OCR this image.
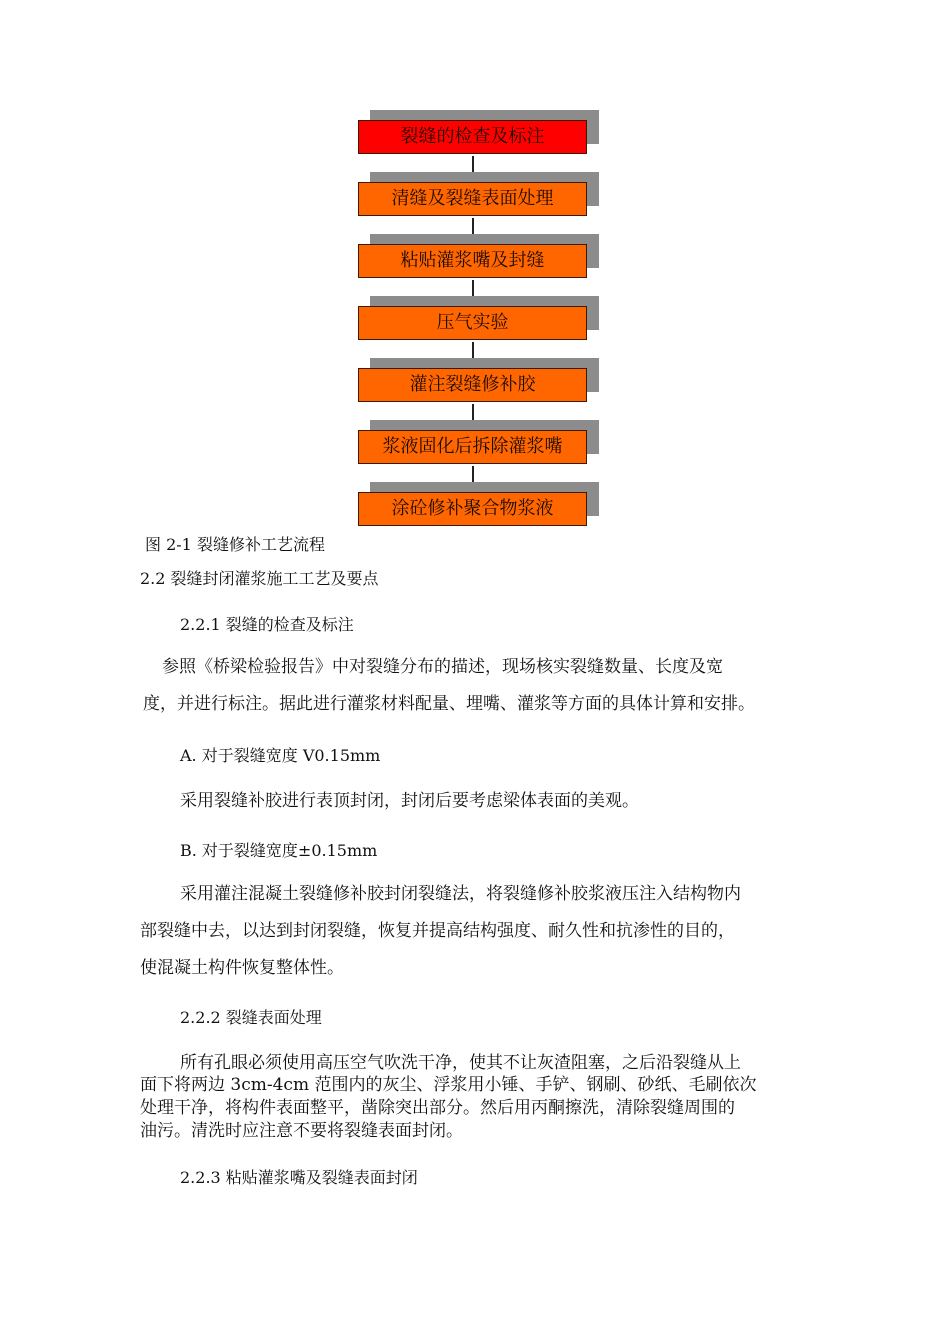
裂缝的检查及标注
清缝及裂缝表面处理
粘贴灌浆嘴及封缝
压气实验
灌注裂缝修补胶
浆液固化后拆除灌浆嘴
涂砼修补聚合物浆液
图 2-1 裂缝修补工艺流程
2.2 裂缝封闭灌浆施工工艺及要点
2.2.1 裂缝的检查及标注
参照《桥梁检验报告》中对裂缝分布的描述，现场核实裂缝数量、长度及宽
度，并进行标注。据此进行灌浆材料配量、埋嘴、灌浆等方面的具体计算和安排。
A. 对于裂缝宽度 V0.15mm
采用裂缝补胶进行表顶封闭，封闭后要考虑梁体表面的美观。
B. 对于裂缝宽度±0.15mm
采用灌注混凝土裂缝修补胶封闭裂缝法，将裂缝修补胶浆液压注入结构物内
部裂缝中去，以达到封闭裂缝，恢复并提高结构强度、耐久性和抗渗性的目的，
使混凝土构件恢复整体性。
2.2.2 裂缝表面处理
所有孔眼必须使用高压空气吹洗干净，使其不让灰渣阻塞，之后沿裂缝从上
面下将两边 3cm-4cm 范围内的灰尘、浮浆用小锤、手铲、钢刷、砂纸、毛刷依次
处理干净，将构件表面整平，凿除突出部分。然后用丙酮擦洗，清除裂缝周围的
油污。清洗时应注意不要将裂缝表面封闭。
2.2.3 粘贴灌浆嘴及裂缝表面封闭
